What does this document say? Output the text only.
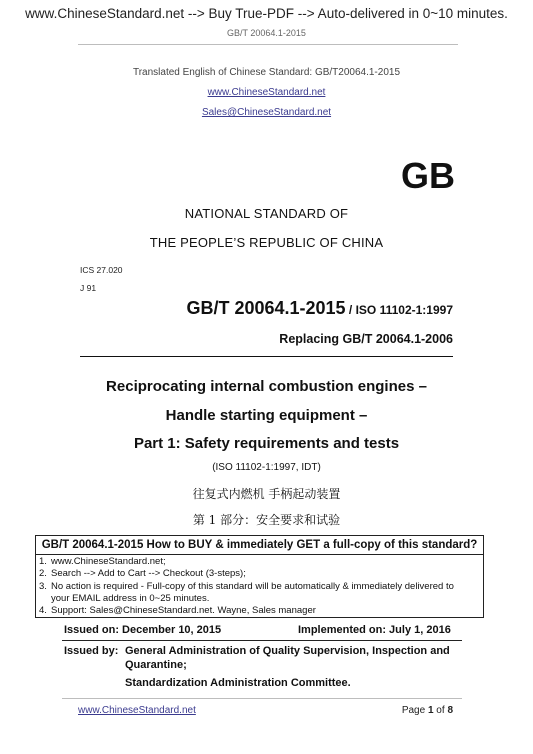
GB/T 20064.1-2015
www.ChineseStandard.net --> Buy True-PDF --> Auto-delivered in 0~10 minutes.
Translated English of Chinese Standard: GB/T20064.1-2015
www.ChineseStandard.net
Sales@ChineseStandard.net
GB
NATIONAL STANDARD OF
THE PEOPLE’S REPUBLIC OF CHINA
ICS 27.020
J 91
GB/T 20064.1-2015 / ISO 11102-1:1997
Replacing GB/T 20064.1-2006
Reciprocating internal combustion engines –
Handle starting equipment –
Part 1: Safety requirements and tests
(ISO 11102-1:1997, IDT)
往复式内燃机 手柄起动装置
第 1 部分：安全要求和试验
GB/T 20064.1-2015 How to BUY & immediately GET a full-copy of this standard?
1. www.ChineseStandard.net;
2. Search --> Add to Cart --> Checkout (3-steps);
3. No action is required - Full-copy of this standard will be automatically & immediately delivered to
your EMAIL address in 0~25 minutes.
4. Support: Sales@ChineseStandard.net. Wayne, Sales manager
Issued on: December 10, 2015	Implemented on: July 1, 2016
Issued by: General Administration of Quality Supervision, Inspection and
Quarantine;
Standardization Administration Committee.
www.ChineseStandard.net	Page 1 of 8
